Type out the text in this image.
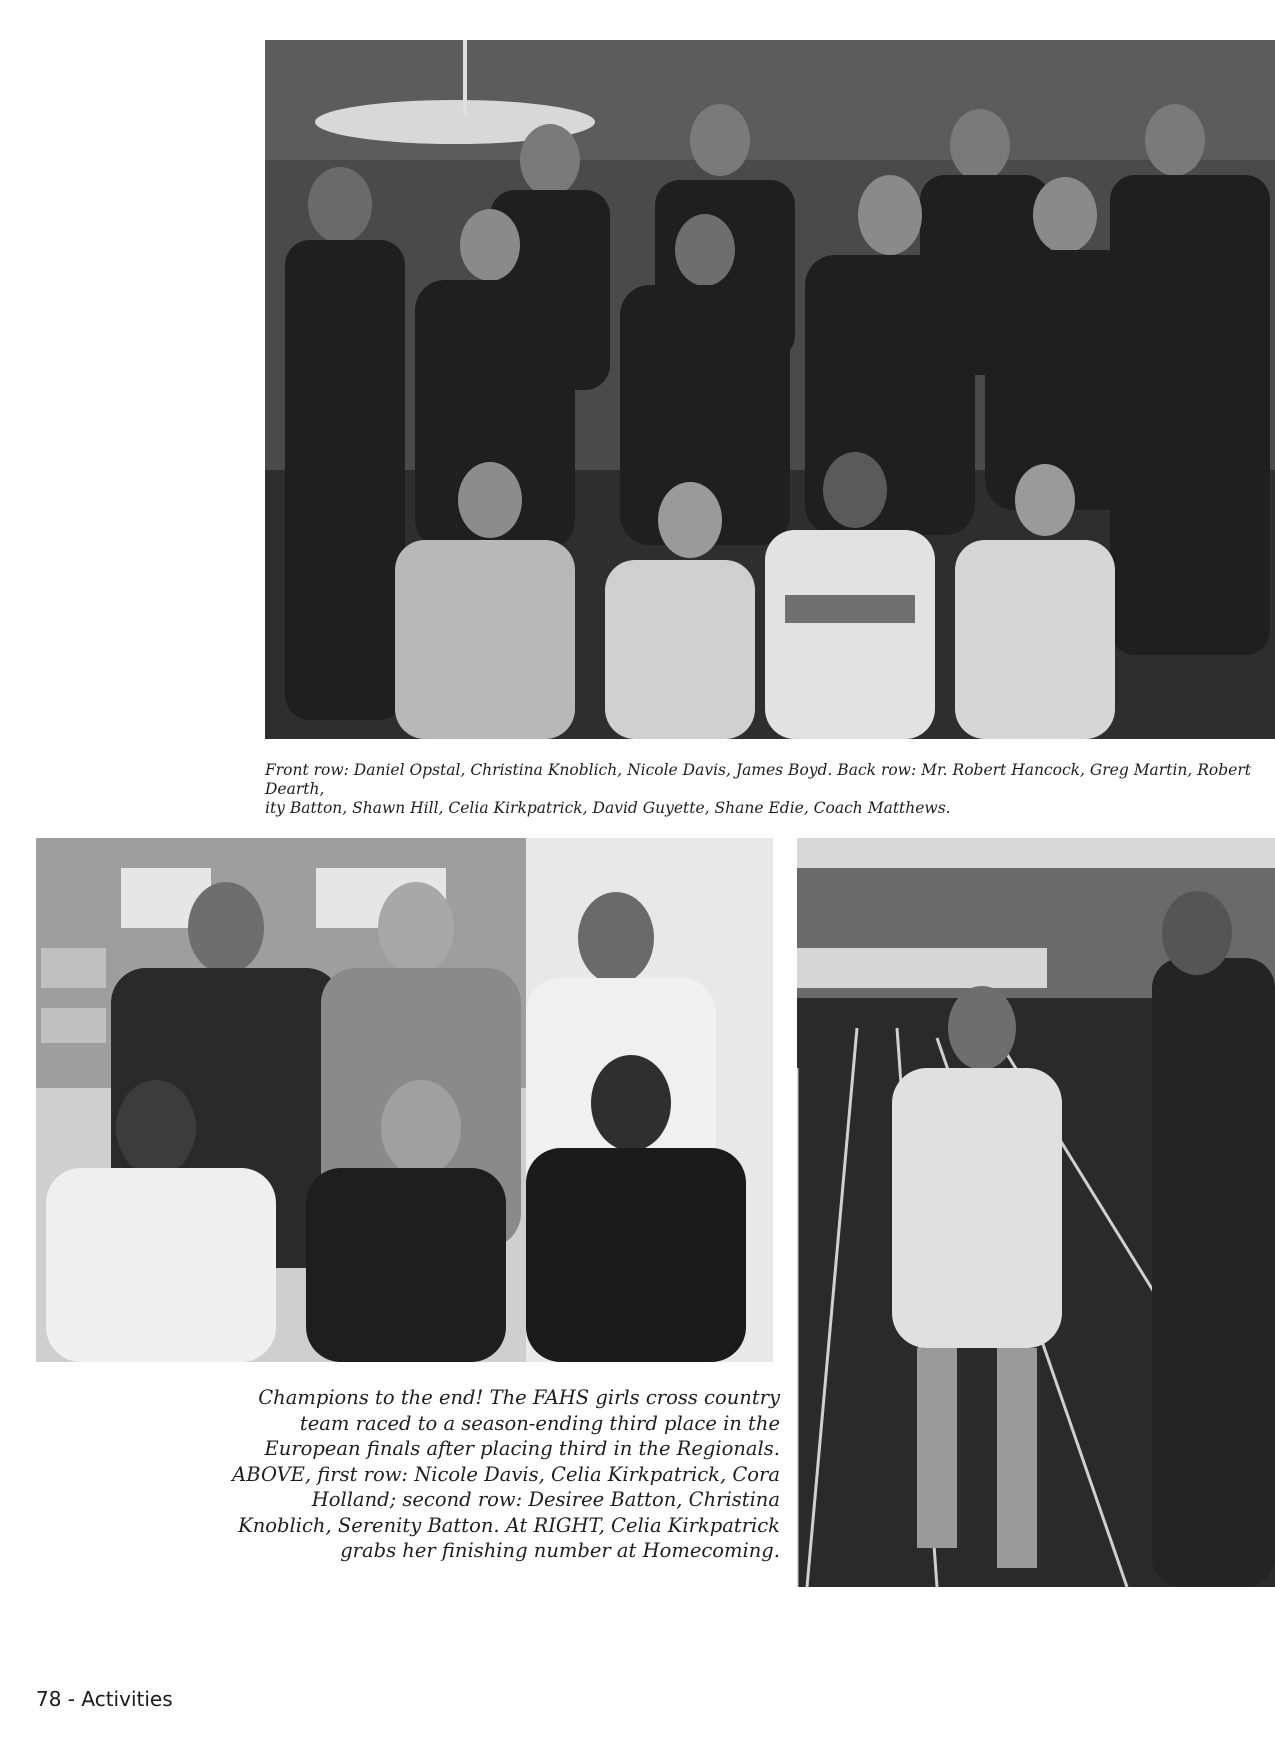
Front row: Daniel Opstal, Christina Knoblich, Nicole Davis, James Boyd. Back row: Mr. Robert Hancock, Greg Martin, Robert Dearth,
ity Batton, Shawn Hill, Celia Kirkpatrick, David Guyette, Shane Edie, Coach Matthews.
Champions to the end! The FAHS girls cross country team raced to a season-ending third place in the European finals after placing third in the Regionals. ABOVE, first row: Nicole Davis, Celia Kirkpatrick, Cora Holland; second row: Desiree Batton, Christina Knoblich, Serenity Batton. At RIGHT, Celia Kirkpatrick grabs her finishing number at Homecoming.
78 - Activities
